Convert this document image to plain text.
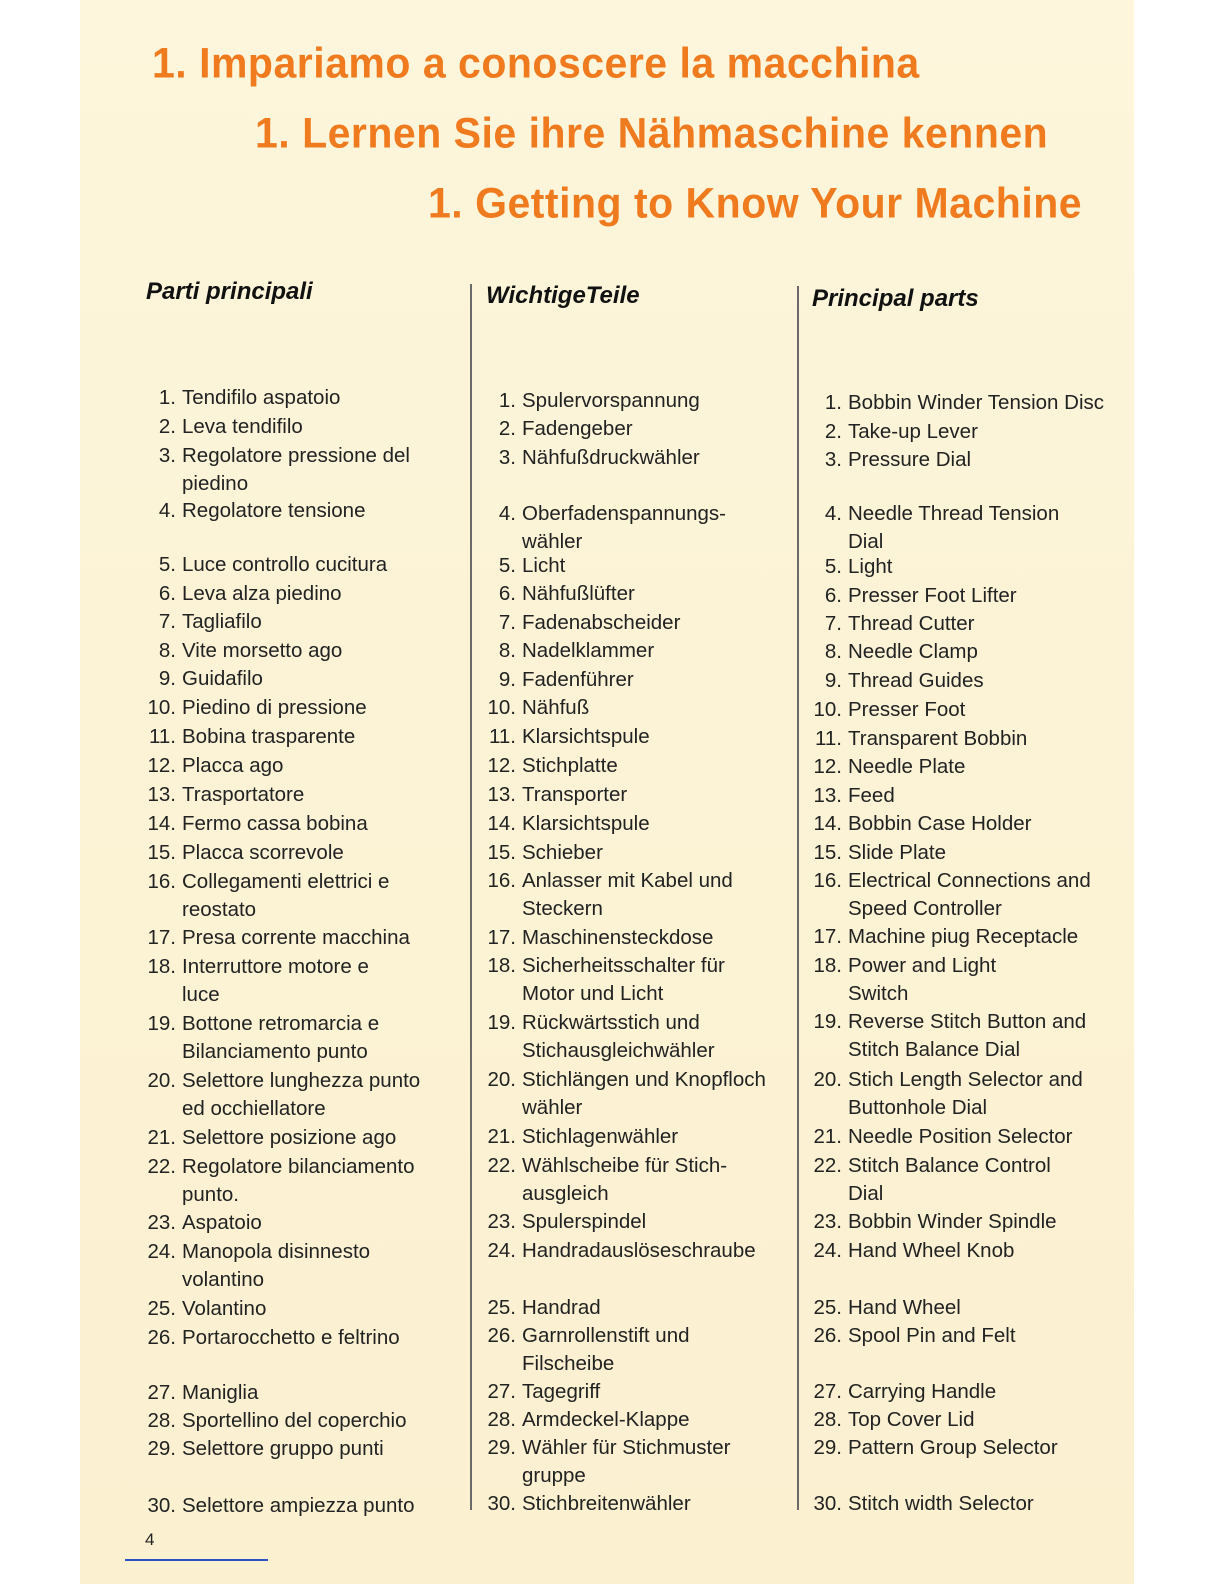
1. Impariamo a conoscere la macchina
1. Lernen Sie ihre Nähmaschine kennen
1. Getting to Know Your Machine
Parti principali	WichtigeTeile	Principal parts
1. Tendifilo aspatoio
2. Leva tendifilo
3. Regolatore pressione del
piedino
4. Regolatore tensione
5. Luce controllo cucitura
6. Leva alza piedino
7. Tagliafilo
8. Vite morsetto ago
9. Guidafilo
10. Piedino di pressione
11. Bobina trasparente
12. Placca ago
13. Trasportatore
14. Fermo cassa bobina
15. Placca scorrevole
16. Collegamenti elettrici e
reostato
17. Presa corrente macchina
18. Interruttore motore e
luce
19. Bottone retromarcia e
Bilanciamento punto
20. Selettore lunghezza punto
ed occhiellatore
21. Selettore posizione ago
22. Regolatore bilanciamento
punto.
23. Aspatoio
24. Manopola disinnesto
volantino
25. Volantino
26. Portarocchetto e feltrino
27. Maniglia
28. Sportellino del coperchio
29. Selettore gruppo punti
30. Selettore ampiezza punto
1. Spulervorspannung
2. Fadengeber
3. Nähfußdruckwähler
4. Oberfadenspannungs-
wähler
5. Licht
6. Nähfußlüfter
7. Fadenabscheider
8. Nadelklammer
9. Fadenführer
10. Nähfuß
11. Klarsichtspule
12. Stichplatte
13. Transporter
14. Klarsichtspule
15. Schieber
16. Anlasser mit Kabel und
Steckern
17. Maschinensteckdose
18. Sicherheitsschalter für
Motor und Licht
19. Rückwärtsstich und
Stichausgleichwähler
20. Stichlängen und Knopfloch
wähler
21. Stichlagenwähler
22. Wählscheibe für Stich-
ausgleich
23. Spulerspindel
24. Handradauslöseschraube
25. Handrad
26. Garnrollenstift und
Filscheibe
27. Tagegriff
28. Armdeckel-Klappe
29. Wähler für Stichmuster
gruppe
30. Stichbreitenwähler
1. Bobbin Winder Tension Disc
2. Take-up Lever
3. Pressure Dial
4. Needle Thread Tension
Dial
5. Light
6. Presser Foot Lifter
7. Thread Cutter
8. Needle Clamp
9. Thread Guides
10. Presser Foot
11. Transparent Bobbin
12. Needle Plate
13. Feed
14. Bobbin Case Holder
15. Slide Plate
16. Electrical Connections and
Speed Controller
17. Machine piug Receptacle
18. Power and Light
Switch
19. Reverse Stitch Button and
Stitch Balance Dial
20. Stich Length Selector and
Buttonhole Dial
21. Needle Position Selector
22. Stitch Balance Control
Dial
23. Bobbin Winder Spindle
24. Hand Wheel Knob
25. Hand Wheel
26. Spool Pin and Felt
27. Carrying Handle
28. Top Cover Lid
29. Pattern Group Selector
30. Stitch width Selector
4
